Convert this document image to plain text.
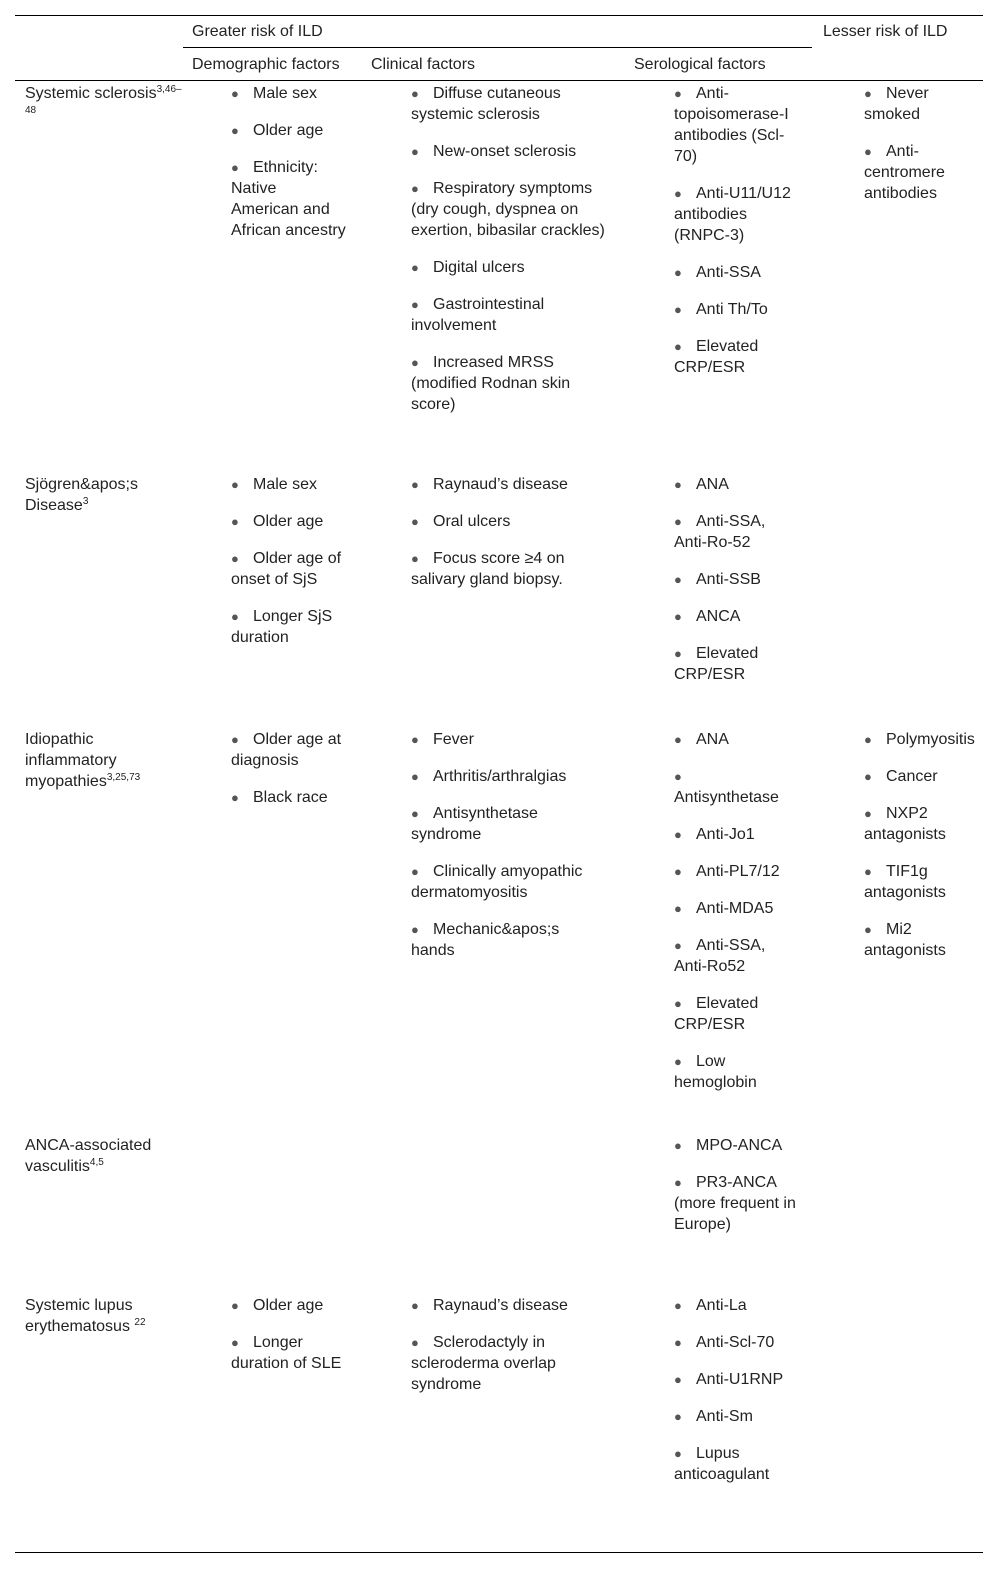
Greater risk of ILD	Lesser risk of ILD
Demographic factors Clinical factors	Serological factors
Systemic sclerosis$^{3,46-48}$
● Male sex
● Older age
● Ethnicity: Native American and African ancestry
● Diffuse cutaneous systemic sclerosis
● New-onset sclerosis
● Respiratory symptoms (dry cough, dyspnea on exertion, bibasilar crackles)
● Digital ulcers
● Gastrointestinal involvement
● Increased MRSS (modified Rodnan skin score)
● Anti-topoisomerase-I antibodies (Scl-70)
● Anti-U11/U12 antibodies (RNPC-3)
● Anti-SSA
● Anti Th/To
● Elevated CRP/ESR
● Never smoked
● Anti-centromere antibodies
Sjögren&apos;s Disease$^3$
● Male sex
● Older age
● Older age of onset of SjS
● Longer SjS duration
● Raynaud’s disease
● Oral ulcers
● Focus score ≥4 on salivary gland biopsy.
● ANA
● Anti-SSA, Anti-Ro-52
● Anti-SSB
● ANCA
● Elevated CRP/ESR
Idiopathic inflammatory myopathies$^{3,25,73}$
● Older age at diagnosis
● Black race
● Fever
● Arthritis/arthralgias
● Antisynthetase syndrome
● Clinically amyopathic dermatomyositis
● Mechanic&apos;s hands
● ANA
●Antisynthetase
● Anti-Jo1
● Anti-PL7/12
● Anti-MDA5
● Anti-SSA, Anti-Ro52
● Elevated CRP/ESR
● Low hemoglobin
● Polymyositis
● Cancer
● NXP2 antagonists
● TIF1g antagonists
● Mi2 antagonists
ANCA-associated vasculitis$^{4,5}$
● MPO-ANCA
● PR3-ANCA (more frequent in Europe)
Systemic lupus erythematosus $^{22}$
● Older age
● Longer duration of SLE
● Raynaud’s disease
● Sclerodactyly in scleroderma overlap syndrome
● Anti-La
● Anti-Scl-70
● Anti-U1RNP
● Anti-Sm
● Lupus anticoagulant
